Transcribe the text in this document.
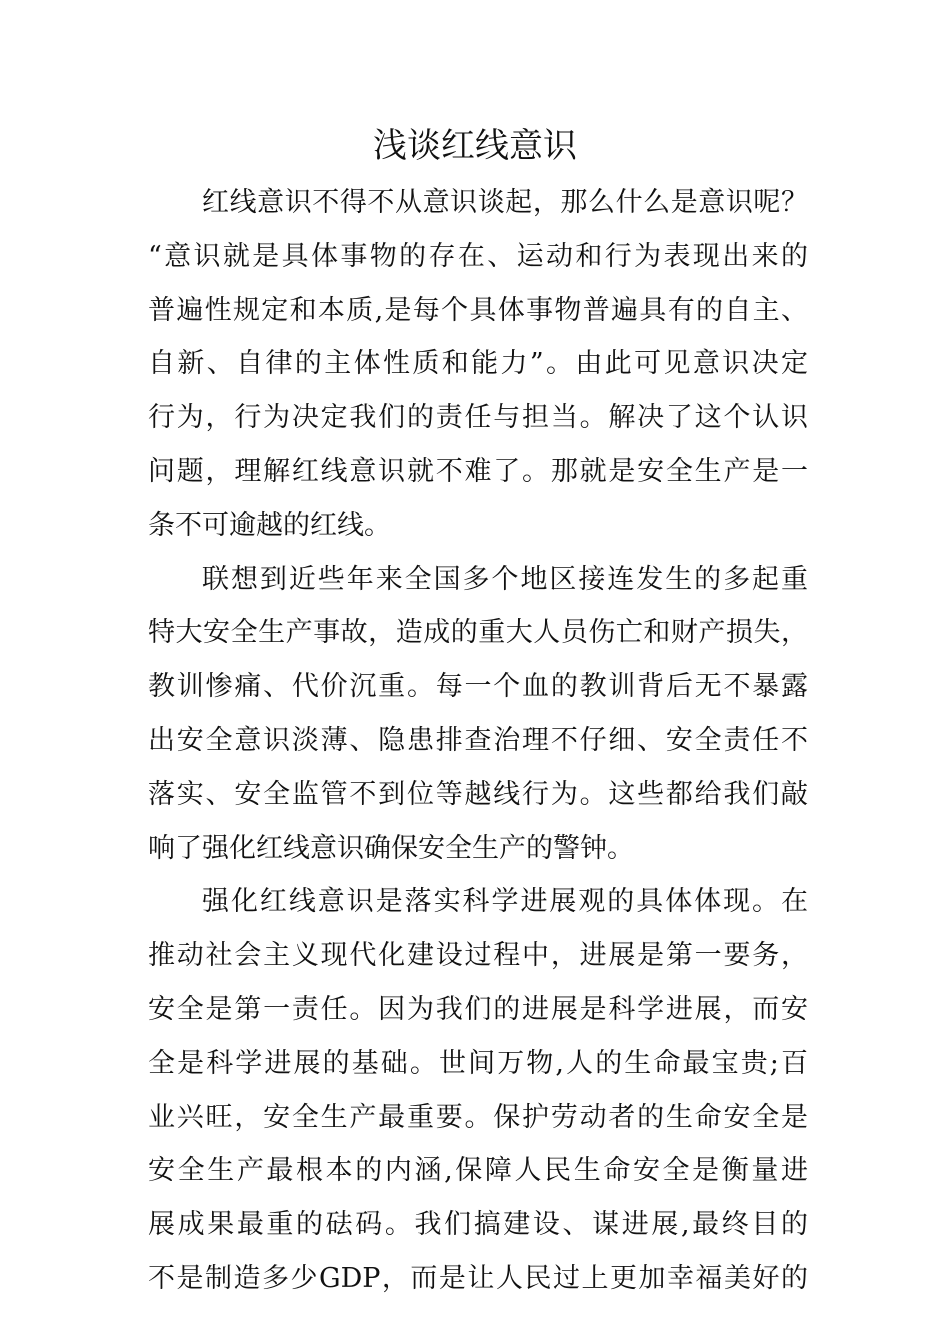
浅谈红线意识
红线意识不得不从意识谈起，那么什么是意识呢？
“意识就是具体事物的存在、运动和行为表现出来的
普遍性规定和本质,是每个具体事物普遍具有的自主、
自新、自律的主体性质和能力”。由此可见意识决定
行为，行为决定我们的责任与担当。解决了这个认识
问题，理解红线意识就不难了。那就是安全生产是一
条不可逾越的红线。
联想到近些年来全国多个地区接连发生的多起重
特大安全生产事故，造成的重大人员伤亡和财产损失，
教训惨痛、代价沉重。每一个血的教训背后无不暴露
出安全意识淡薄、隐患排查治理不仔细、安全责任不
落实、安全监管不到位等越线行为。这些都给我们敲
响了强化红线意识确保安全生产的警钟。
强化红线意识是落实科学进展观的具体体现。在
推动社会主义现代化建设过程中，进展是第一要务，
安全是第一责任。因为我们的进展是科学进展，而安
全是科学进展的基础。世间万物,人的生命最宝贵;百
业兴旺，安全生产最重要。保护劳动者的生命安全是
安全生产最根本的内涵,保障人民生命安全是衡量进
展成果最重的砝码。我们搞建设、谋进展,最终目的
不是制造多少GDP，而是让人民过上更加幸福美好的
